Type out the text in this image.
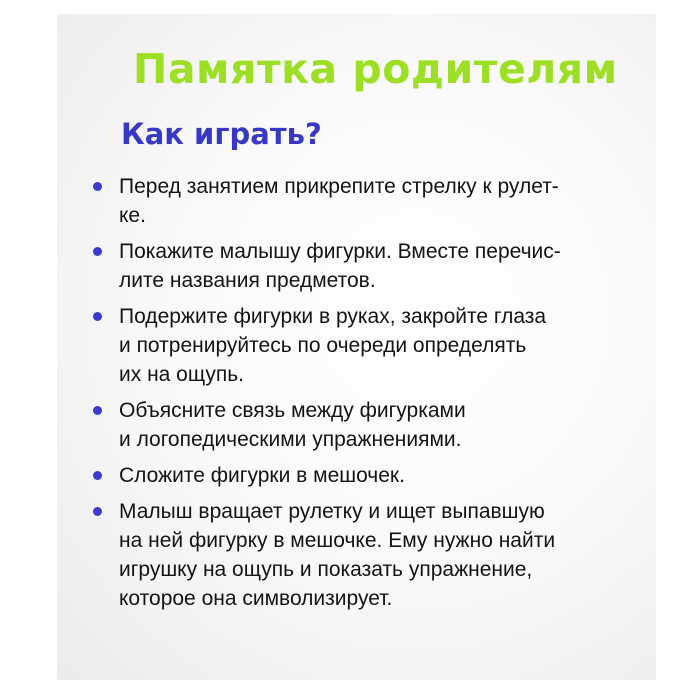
Памятка родителям
Как играть?
Перед занятием прикрепите стрелку к рулет-
ке.
Покажите малышу фигурки. Вместе перечис-
лите названия предметов.
Подержите фигурки в руках, закройте глаза
и потренируйтесь по очереди определять
их на ощупь.
Объясните связь между фигурками
и логопедическими упражнениями.
Сложите фигурки в мешочек.
Малыш вращает рулетку и ищет выпавшую
на ней фигурку в мешочке. Ему нужно найти
игрушку на ощупь и показать упражнение,
которое она символизирует.
